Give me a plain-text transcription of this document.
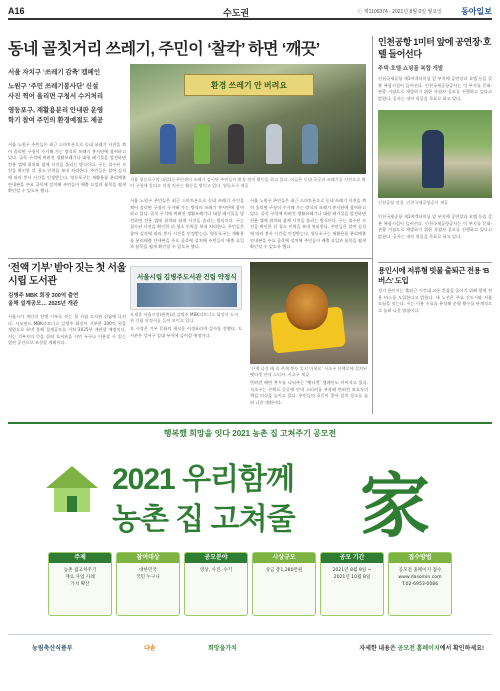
A16	수도권	ⓒ 제1106374 · 2021년 8월 0일 월요일 동아일보
동네 골칫거리 쓰레기, 주민이 ‘찰칵’ 하면 ‘깨끗’
서울 자치구 ‘쓰레기 감축’ 캠페인
노원구 ‘주민 쓰레기봉사단’ 신설
사진 찍어 올리면 구청서 수거처리
영등포구, 재활용분리 안내판 운영
학기 참여 주민의 환경예절도 제공
서울 노원구 주민들은 최근 스마트폰으로 동네 쓰레기 사진을 찍어 올리면 구청이 수거해 가는 방식의 쓰레기 봉사단에 참여하고 있다. 골목 구석에 버려진 생활쓰레기나 대형 폐기물을 발견하면 전용 앱에 위치와 함께 사진을 올리는 방식이다. 구는 접수된 사진을 확인한 뒤 청소 인력을 보내 처리한다. 주민들은 참여 실적에 따라 봉사 시간을 인정받는다. 영등포구는 재활용품 분리배출 안내판을 주요 골목에 설치해 주민들이 배출 요일과 품목을 쉽게 확인할 수 있도록 했다.
환경 쓰레기 안 버려요
서울 영등포구의 대림1동주민센터 쓰레기 감시단 주민들이 환경 정비 활동을 하고 있다. 이들은 동네 곳곳의 쓰레기를 사진으로 찍어 구청에 알리고 직접 치우는 활동을 벌이고 있다. 영등포구 제공
서울 노원구 주민들은 최근 스마트폰으로 동네 쓰레기 사진을 찍어 올리면 구청이 수거해 가는 방식의 쓰레기 봉사단에 참여하고 있다. 골목 구석에 버려진 생활쓰레기나 대형 폐기물을 발견하면 전용 앱에 위치와 함께 사진을 올리는 방식이다. 구는 접수된 사진을 확인한 뒤 청소 인력을 보내 처리한다. 주민들은 참여 실적에 따라 봉사 시간을 인정받는다. 영등포구는 재활용품 분리배출 안내판을 주요 골목에 설치해 주민들이 배출 요일과 품목을 쉽게 확인할 수 있도록 했다.
서울 노원구 주민들은 최근 스마트폰으로 동네 쓰레기 사진을 찍어 올리면 구청이 수거해 가는 방식의 쓰레기 봉사단에 참여하고 있다. 골목 구석에 버려진 생활쓰레기나 대형 폐기물을 발견하면 전용 앱에 위치와 함께 사진을 올리는 방식이다. 구는 접수된 사진을 확인한 뒤 청소 인력을 보내 처리한다. 주민들은 참여 실적에 따라 봉사 시간을 인정받는다. 영등포구는 재활용품 분리배출 안내판을 주요 골목에 설치해 주민들이 배출 요일과 품목을 쉽게 확인할 수 있도록 했다.
인천공항 1미터 앞에 공연장·호텔 들어선다
주택·호텔·쇼핑몰 복합 개발
인천국제공항 제1여객터미널 앞 부지에 공연장과 호텔 등을 갖춘 복합시설이 들어선다. 인천국제공항공사는 이 부지를 문화·관광 거점으로 개발하기 위한 사업자 공모를 진행하고 있다고 밝혔다. 공사는 내년 착공을 목표로 하고 있다.
인천공항 전경. 인천국제공항공사 제공
인천국제공항 제1여객터미널 앞 부지에 공연장과 호텔 등을 갖춘 복합시설이 들어선다. 인천국제공항공사는 이 부지를 문화·관광 거점으로 개발하기 위한 사업자 공모를 진행하고 있다고 밝혔다. 공사는 내년 착공을 목표로 하고 있다.
‘전액 기부’ 받아 짓는 첫 서울시립 도서관
김병주 MBK 회장 300억 출연
올해 설계공모… 2025년 개관
서울시가 개인의 전액 기부로 짓는 첫 시립 도서관 건립에 나선다. 사모펀드 MBK파트너스 김병주 회장이 기부한 300억 원을 재원으로 하며 올해 설계공모를 거쳐 2025년 개관할 예정이다. 시는 기부자의 뜻을 살려 도서관을 시민 누구나 이용할 수 있는 열린 공간으로 조성할 계획이다.
서울시립 김병주도서관 건립 약정식
오세훈 서울시장(왼쪽)과 김병주 MBK파트너스 회장이 도서관 건립 약정서를 들어 보이고 있다.
오 시장은 기부 문화의 새로운 이정표라며 감사를 전했다. 도서관은 강서구 일대 부지에 들어설 예정이다.
‘산책 나갈 때 꼭 산책 봉투 잊지 마세요’ 서초구 산책로에 설치된 펫티켓 안내 스티커. 서초구 제공
반려견 배변 봉투를 나눠주는 ‘펫티켓’ 캠페인도 이어지고 있다. 서초구는 산책로 곳곳에 안내 스티커를 부착해 반려견 보호자의 책임 의식을 높이고 있다. 주민들의 호응이 좋아 설치 장소를 늘려 나갈 계획이다.
용인시에 저류형 빗물 출퇴근 전용 ‘B버스’ 도입
경기 용인시는 출퇴근 시간대 교통 혼잡을 줄이기 위해 광역 전용 버스를 도입한다고 밝혔다. 새 노선은 주요 신도시와 서울 도심을 잇는다. 시는 이용 수요를 분석해 운행 횟수를 단계적으로 늘려 나갈 방침이다.
행복했 희망을 잇다 2021 농촌 집 고쳐주기 공모전
2021 우리함께
농촌 집 고쳐줄 家
주제
농촌 집고쳐주기
재료 사업 사례
가치 확산
참여대상
대한민국
국민 누구나
공모분야
영상, 사진, 수기
시상규모
상금 총1,280만원
공모 기간
2021년 8월 9일 ~
2021년 10월 8일
접수방법
공모전 홈페이지 접수
www.dasomin.com
T.02-6953-0086
농림축산식품부	다솜	희망을가치	자세한 내용은 공모전 홈페이지에서 확인하세요!
